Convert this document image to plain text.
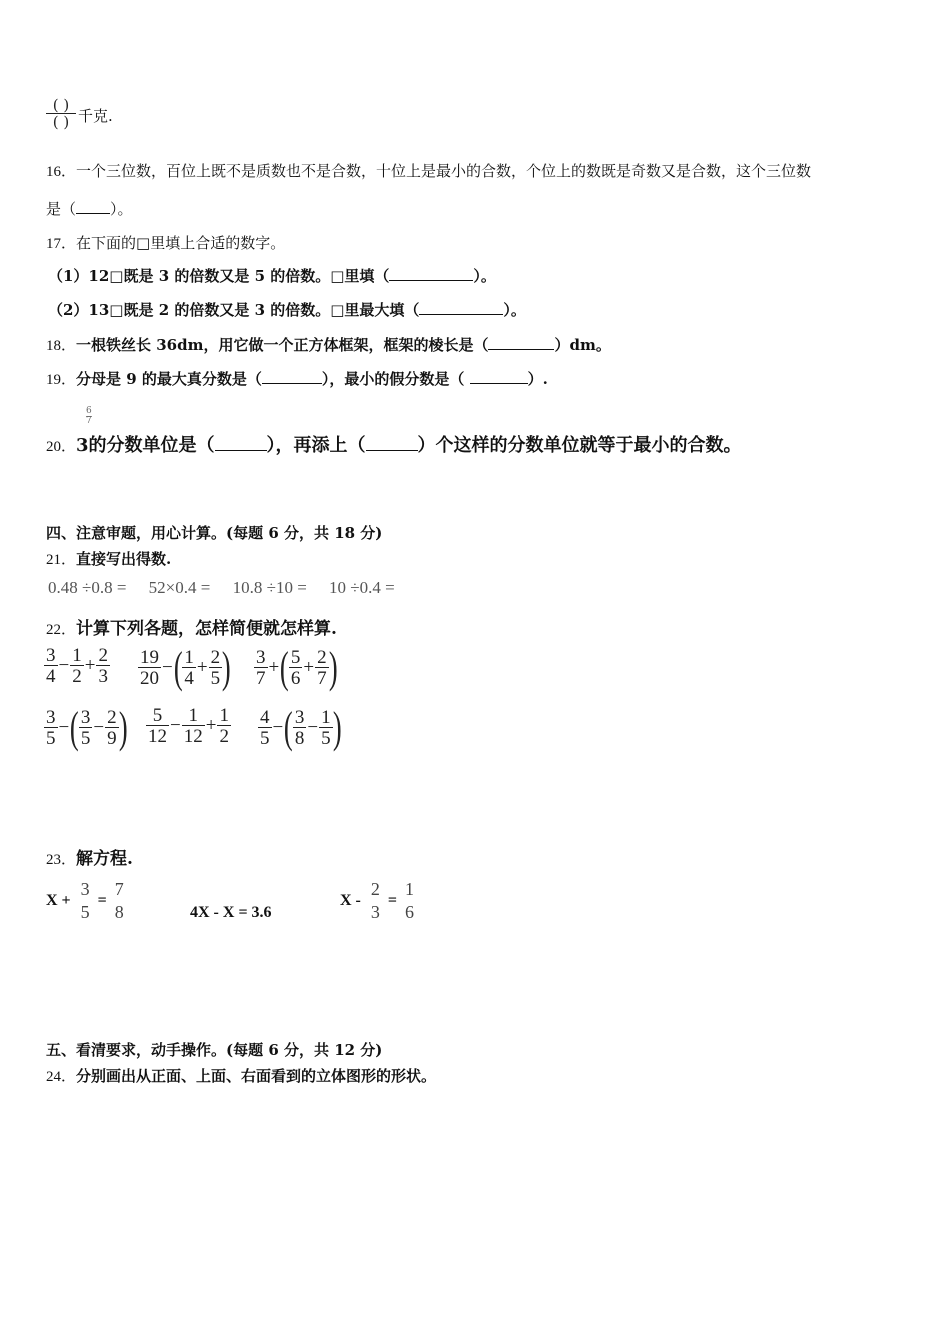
$\frac{( )}{( )}$ 千克.
16．一个三位数，百位上既不是质数也不是合数，十位上是最小的合数，个位上的数既是奇数又是合数，这个三位数
是（ ）。
17．在下面的□里填上合适的数字。
（1）12□既是 3 的倍数又是 5 的倍数。□里填（	）。
（2）13□既是 2 的倍数又是 3 的倍数。□里最大填（	）。
18．一根铁丝长 36dm，用它做一个正方体框架，框架的棱长是（	）dm。
19．分母是 9 的最大真分数是（	），最小的假分数是（	）.
6
7
20．3的分数单位是（	），再添上（	）个这样的分数单位就等于最小的合数。
四、注意审题，用心计算。(每题 6 分，共 18 分)
21．直接写出得数.
0.48 ÷0.8 = 52×0.4 = 10.8 ÷10 = 10 ÷0.4 =
22．计算下列各题，怎样简便就怎样算.
$\frac{3}{4} - \frac{1}{2} + \frac{2}{3} \frac{19}{20}$ − ( $\frac{1}{4} + \frac{2}{5}$ ) $\frac{3}{7}$ + ( $\frac{5}{6} + \frac{2}{7}$ )
$\frac{3}{5}$ − ( $\frac{3}{5} - \frac{2}{9}$ ) $\frac{5}{12} - \frac{1}{12} + \frac{1}{2} \frac{4}{5}$ − ( $\frac{3}{8} - \frac{1}{5}$ )
23．解方程.
X +
3
5
=
7
8	4X - X = 3.6
X -
2
3
=
1
6
五、看清要求，动手操作。(每题 6 分，共 12 分)
24．分别画出从正面、上面、右面看到的立体图形的形状。
